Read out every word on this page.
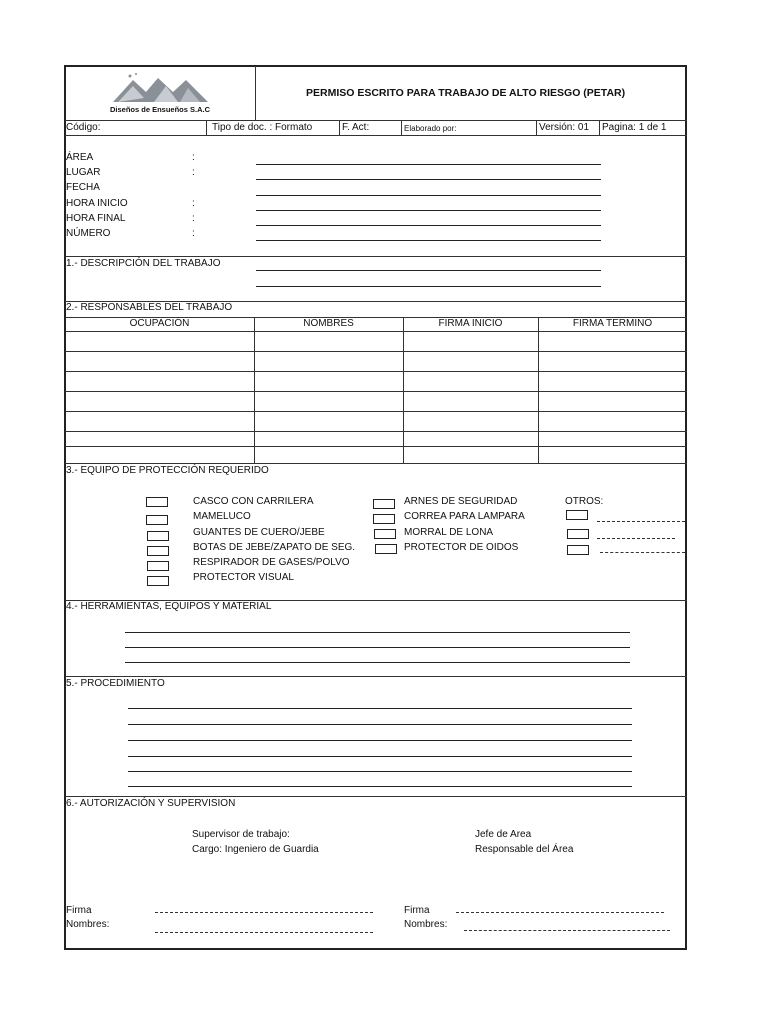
Diseños de Ensueños S.A.C
PERMISO ESCRITO PARA TRABAJO DE ALTO RIESGO (PETAR)
Código:	Tipo de doc. : Formato	F. Act:	Elaborado por:	Versión: 01 Pagina: 1 de 1
ÁREA	:
LUGAR	:
FECHA
HORA INICIO	:
HORA FINAL	:
NÚMERO	:
1.- DESCRIPCIÓN DEL TRABAJO
2.- RESPONSABLES DEL TRABAJO
OCUPACIÓN	NOMBRES	FIRMA INICIO	FIRMA TERMINO
3.- EQUIPO DE PROTECCIÓN REQUERIDO
CASCO CON CARRILERA
MAMELUCO
GUANTES DE CUERO/JEBE
BOTAS DE JEBE/ZAPATO DE SEG.
RESPIRADOR DE GASES/POLVO
PROTECTOR VISUAL
ARNES DE SEGURIDAD
CORREA PARA LAMPARA
MORRAL DE LONA
PROTECTOR DE OIDOS
OTROS:
4.- HERRAMIENTAS, EQUIPOS Y MATERIAL
5.- PROCEDIMIENTO
6.- AUTORIZACIÓN Y SUPERVISION
Supervisor de trabajo:
Cargo: Ingeniero de Guardia
Jefe de Area
Responsable del Área
Firma
Nombres:
Firma
Nombres:
